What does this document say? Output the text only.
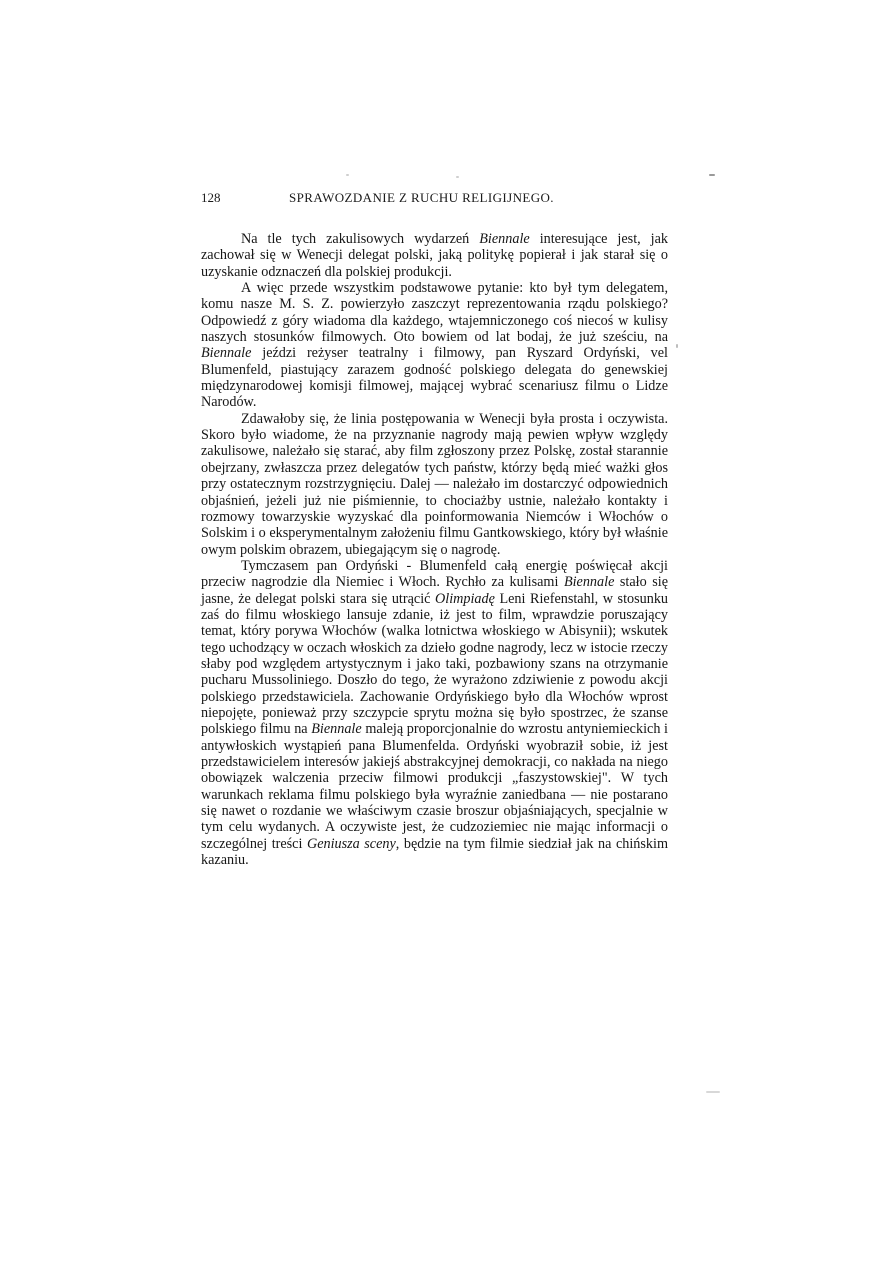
128	SPRAWOZDANIE Z RUCHU RELIGIJNEGO.

Na tle tych zakulisowych wydarzeń Biennale interesujące jest, jak zachował się w Wenecji delegat polski, jaką politykę popierał i jak starał się o uzyskanie odznaczeń dla polskiej produkcji.

A więc przede wszystkim podstawowe pytanie: kto był tym delegatem, komu nasze M. S. Z. powierzyło zaszczyt reprezentowania rządu polskiego? Odpowiedź z góry wiadoma dla każdego, wtajemniczonego coś niecoś w kulisy naszych stosunków filmowych. Oto bowiem od lat bodaj, że już sześciu, na Biennale jeździ reżyser teatralny i filmowy, pan Ryszard Ordyński, vel Blumenfeld, piastujący zarazem godność polskiego delegata do genewskiej międzynarodowej komisji filmowej, mającej wybrać scenariusz filmu o Lidze Narodów.

Zdawałoby się, że linia postępowania w Wenecji była prosta i oczywista. Skoro było wiadome, że na przyznanie nagrody mają pewien wpływ względy zakulisowe, należało się starać, aby film zgłoszony przez Polskę, został starannie obejrzany, zwłaszcza przez delegatów tych państw, którzy będą mieć ważki głos przy ostatecznym rozstrzygnięciu. Dalej — należało im dostarczyć odpowiednich objaśnień, jeżeli już nie piśmiennie, to chociażby ustnie, należało kontakty i rozmowy towarzyskie wyzyskać dla poinformowania Niemców i Włochów o Solskim i o eksperymentalnym założeniu filmu Gantkowskiego, który był właśnie owym polskim obrazem, ubiegającym się o nagrodę.

Tymczasem pan Ordyński - Blumenfeld całą energię poświęcał akcji przeciw nagrodzie dla Niemiec i Włoch. Rychło za kulisami Biennale stało się jasne, że delegat polski stara się utrącić Olimpiadę Leni Riefenstahl, w stosunku zaś do filmu włoskiego lansuje zdanie, iż jest to film, wprawdzie poruszający temat, który porywa Włochów (walka lotnictwa włoskiego w Abisynii); wskutek tego uchodzący w oczach włoskich za dzieło godne nagrody, lecz w istocie rzeczy słaby pod względem artystycznym i jako taki, pozbawiony szans na otrzymanie pucharu Mussoliniego. Doszło do tego, że wyrażono zdziwienie z powodu akcji polskiego przedstawiciela. Zachowanie Ordyńskiego było dla Włochów wprost niepojęte, ponieważ przy szczypcie sprytu można się było spostrzec, że szanse polskiego filmu na Biennale maleją proporcjonalnie do wzrostu antyniemieckich i antywłoskich wystąpień pana Blumenfelda. Ordyński wyobraził sobie, iż jest przedstawicielem interesów jakiejś abstrakcyjnej demokracji, co nakłada na niego obowiązek walczenia przeciw filmowi produkcji „faszystowskiej". W tych warunkach reklama filmu polskiego była wyraźnie zaniedbana — nie postarano się nawet o rozdanie we właściwym czasie broszur objaśniających, specjalnie w tym celu wydanych. A oczywiste jest, że cudzoziemiec nie mając informacji o szczególnej treści Geniusza sceny, będzie na tym filmie siedział jak na chińskim kazaniu.
